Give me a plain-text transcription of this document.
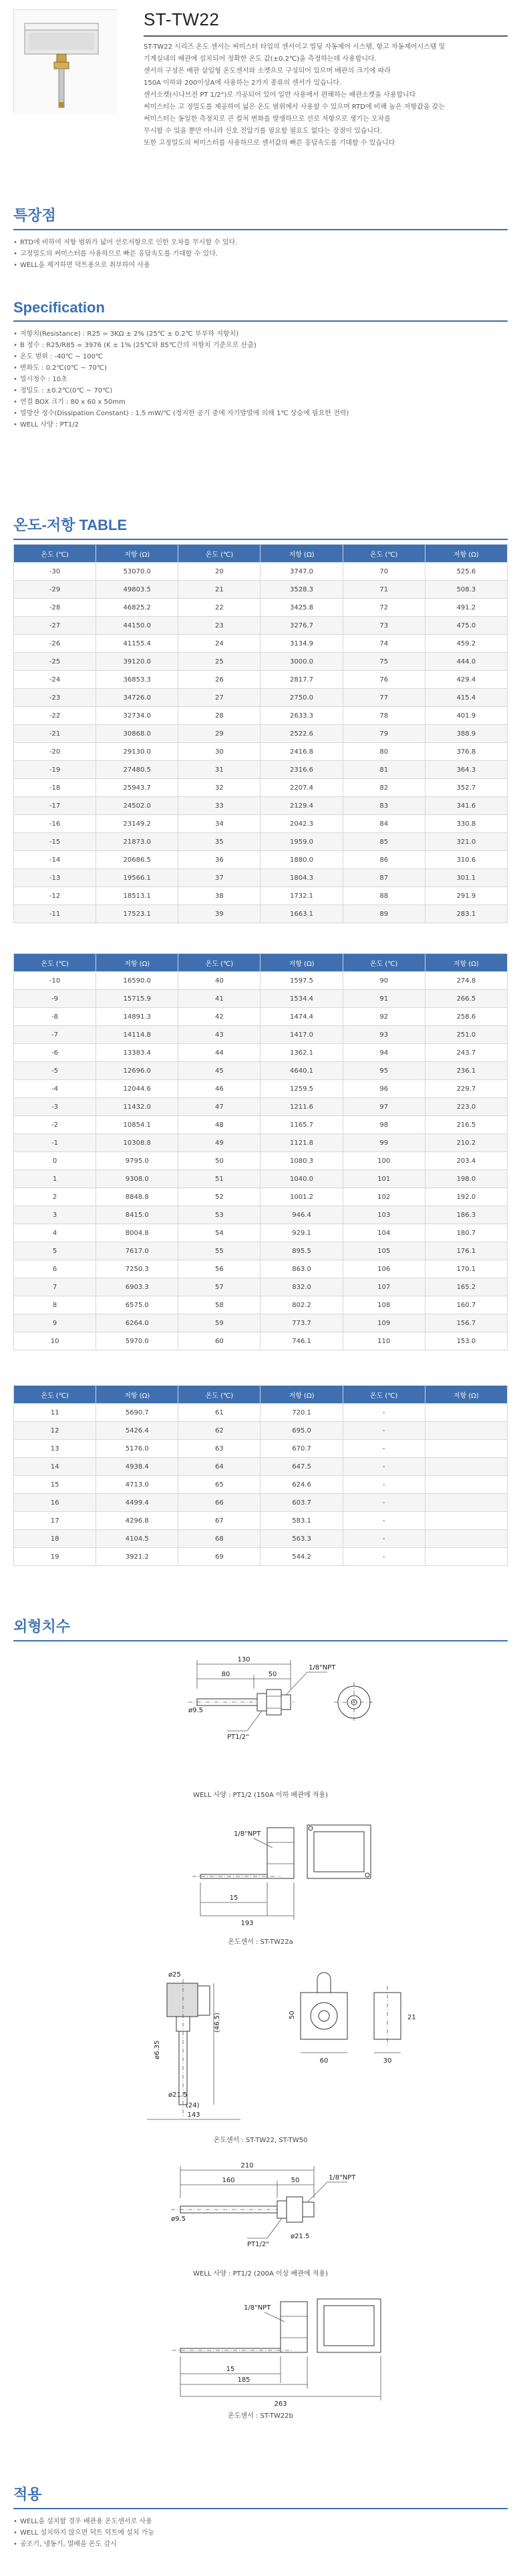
ST-TW22

ST-TW22 시리즈 온도 센서는 써미스터 타입의 센서이고 빌딩 자동제어 시스템, 항고 자동제어시스템 및

기계실내의 배관에 설치되어 정확한 온도 값(±0.2℃)을 측정하는데 사용합니다.

센서의 구성은 배관 삽입형 온도센서와 소켓으로 구성되어 있으며 배관의 크기에 따라

150A 이하와 200이상A에 사용하는 2가지 종류의 센서가 있습니다.

센서소켓(시나브전 PT 1/2")로 가공되어 있어 일반 사용에서 편해하는 배관소켓을 사용합니다

써미스터는 고 정밀도를 제공하여 넓은 온도 범위에서 사용할 수 있으며 RTD에 비해 높은 저항값을 갖는

써미스터는 동일한 측정치로 큰 컬처 변화를 발생하므로 선로 저항으로 생기는 오차를

무시할 수 있을 뿐만 아니라 신호 전압기를 필요할 필요도 없다는 장점이 있습니다.

또한 고정밀도의 써미스터를 사용하므로 센서값의 빠른 응답속도를 기대할 수 있습니다

특장점
• RTD에 비하여 저항 범위가 넓어 선로저항으로 인한 오차를 무시할 수 있다.
• 고정밀도의 써미스터를 사용하므로 빠른 응답속도를 기대할 수 있다.
• WELL을 제거하면 덕트용으로 취부하여 사용
Specification
• 저항치(Resistance) : R25 = 3KΩ ± 2% (25℃ ± 0.2℃ 부부하 저항치)
• B 정수 : R25/R85 = 3976 (K ± 1% (25℃와 85℃간의 저항치 기준으로 산출)
• 온도 범위 : -40℃ ~ 100℃
• 변화도 : 0.2℃(0℃ ~ 70℃)
• 열시정수 : 10초
• 정밀도 : ±0.2℃(0℃ ~ 70℃)
• 연결 BOX 크기 : 80 x 60 x 50mm
• 열방산 정수(Dissipation Constant) : 1.5 mW/℃ (정지한 공기 중에 자기발열에 의해 1℃ 상승에 필요한 전력)
• WELL 사양 : PT1/2
온도-저항 TABLE
온도 (℃)	저항 (Ω)	온도 (℃)	저항 (Ω)	온도 (℃)	저항 (Ω)
-30	53070.0	20	3747.0	70	525.6
-29	49803.5	21	3528.3	71	508.3
-28	46825.2	22	3425.8	72	491.2
-27	44150.0	23	3276.7	73	475.0
-26	41155.4	24	3134.9	74	459.2
-25	39120.0	25	3000.0	75	444.0
-24	36853.3	26	2817.7	76	429.4
-23	34726.0	27	2750.0	77	415.4
-22	32734.0	28	2633.3	78	401.9
-21	30868.0	29	2522.6	79	388.9
-20	29130.0	30	2416.8	80	376.8
-19	27480.5	31	2316.6	81	364.3
-18	25943.7	32	2207.4	82	352.7
-17	24502.0	33	2129.4	83	341.6
-16	23149.2	34	2042.3	84	330.8
-15	21873.0	35	1959.0	85	321.0
-14	20686.5	36	1880.0	86	310.6
-13	19566.1	37	1804.3	87	301.1
-12	18513.1	38	1732.1	88	291.9
-11	17523.1	39	1663.1	89	283.1
온도 (℃)	저항 (Ω)	온도 (℃)	저항 (Ω)	온도 (℃)	저항 (Ω)
-10	16590.0	40	1597.5	90	274.8
-9	15715.9	41	1534.4	91	266.5
-8	14891.3	42	1474.4	92	258.6
-7	14114.8	43	1417.0	93	251.0
-6	13383.4	44	1362.1	94	243.7
-5	12696.0	45	4640.1	95	236.1
-4	12044.6	46	1259.5	96	229.7
-3	11432.0	47	1211.6	97	223.0
-2	10854.1	48	1165.7	98	216.5
-1	10308.8	49	1121.8	99	210.2
0	9795.0	50	1080.3	100	203.4
1	9308.0	51	1040.0	101	198.0
2	8848.8	52	1001.2	102	192.0
3	8415.0	53	946.4	103	186.3
4	8004.8	54	929.1	104	180.7
5	7617.0	55	895.5	105	176.1
6	7250.3	56	863.0	106	170.1
7	6903.3	57	832.0	107	165.2
8	6575.0	58	802.2	108	160.7
9	6264.0	59	773.7	109	156.7
10	5970.0	60	746.1	110	153.0
온도 (℃)	저항 (Ω)	온도 (℃)	저항 (Ω)	온도 (℃)	저항 (Ω)
11	5690.7	61	720.1	-	
12	5426.4	62	695.0	-	
13	5176.0	63	670.7	-	
14	4938.4	64	647.5	-	
15	4713.0	65	624.6	-	
16	4499.4	66	603.7	-	
17	4296.8	67	583.1	-	
18	4104.5	68	563.3	-	
19	3921.2	69	544.2	-	
외형치수
130
80	50
1/8"NPT
PT1/2"
ø9.5
WELL 사양 : PT1/2 (150A 이하 배관에 적용)
1/8"NPT
15
193
온도센서 : ST-TW22a
ø25
ø6.35
(46.5)
143
(24)
50
60	30
21
ø21.5
온도센서 : ST-TW22, ST-TW50
210
160	50	1/8"NPT
ø9.5
PT1/2"
ø21.5
WELL 사양 : PT1/2 (200A 이상 배관에 적용)
1/8"NPT
15
185
263
온도센서 : ST-TW22b
적용
• WELL을 설치할 경우 배관용 온도센서로 사용
• WELL 설치하지 않으면 덕트 덕트에 설치 가능
• 공조기, 냉동기, 열배을 온도 감시
